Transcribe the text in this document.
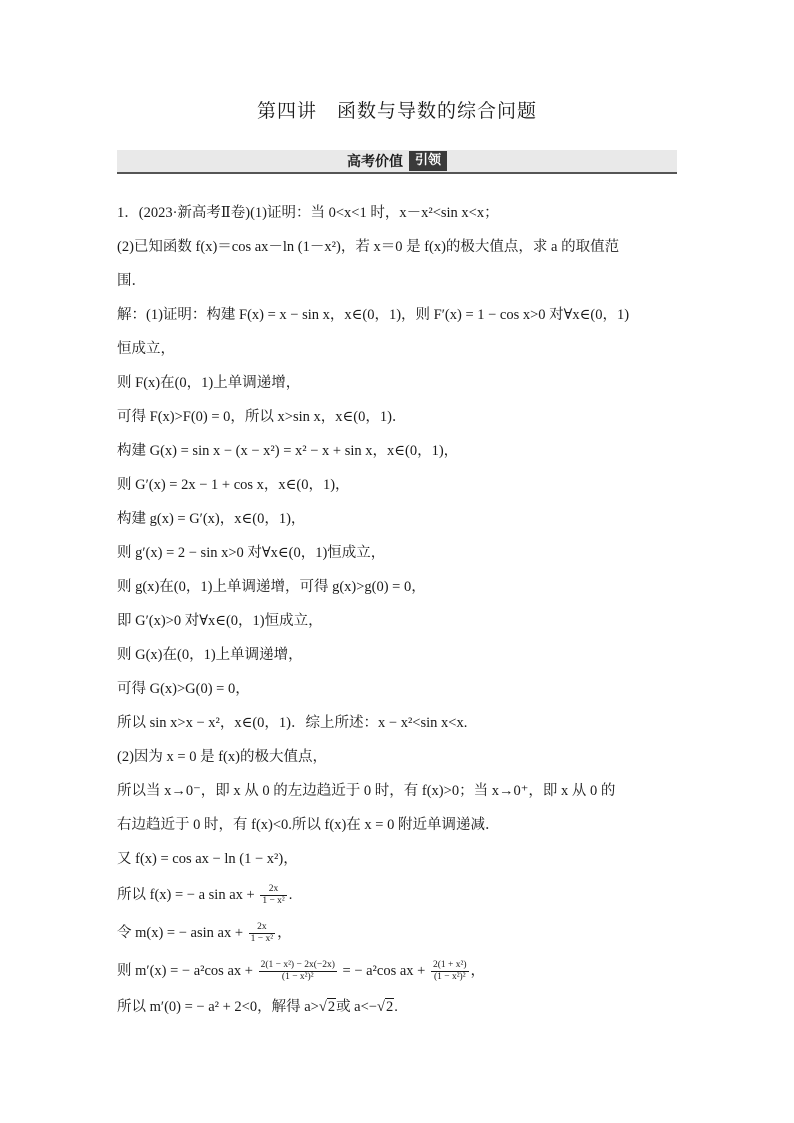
第四讲　函数与导数的综合问题
高考价值 引领
1．(2023·新高考Ⅱ卷)(1)证明：当 0<x<1 时，x－x²<sin x<x；
(2)已知函数 f(x)＝cos ax－ln (1－x²)，若 x＝0 是 f(x)的极大值点，求 a 的取值范
围．
解：(1)证明：构建 F(x) = x − sin x，x∈(0，1)，则 F′(x) = 1 − cos x>0 对∀x∈(0，1)
恒成立，
则 F(x)在(0，1)上单调递增，
可得 F(x)>F(0) = 0，所以 x>sin x，x∈(0，1)．
构建 G(x) = sin x − (x − x²) = x² − x + sin x，x∈(0，1)，
则 G′(x) = 2x − 1 + cos x，x∈(0，1)，
构建 g(x) = G′(x)，x∈(0，1)，
则 g′(x) = 2 − sin x>0 对∀x∈(0，1)恒成立，
则 g(x)在(0，1)上单调递增，可得 g(x)>g(0) = 0，
即 G′(x)>0 对∀x∈(0，1)恒成立，
则 G(x)在(0，1)上单调递增，
可得 G(x)>G(0) = 0，
所以 sin x>x − x²，x∈(0，1)．综上所述：x − x²<sin x<x.
(2)因为 x = 0 是 f(x)的极大值点，
所以当 x→0⁻，即 x 从 0 的左边趋近于 0 时，有 f(x)>0；当 x→0⁺，即 x 从 0 的
右边趋近于 0 时，有 f(x)<0.所以 f(x)在 x = 0 附近单调递减．
又 f(x) = cos ax − ln (1 − x²)，
所以 f(x) = − a sin ax + $\frac{2x}{\text{1 − x²}}$ .
令 m(x) = − asin ax + $\frac{2x}{\text{1 − x²}}$ ，
则 m′(x) = − a²cos ax + $\frac{\text{2(1 − x²) − 2x(−2x)}}{\text{(1 − x²)²}}$ = − a²cos ax + $\frac{\text{2(1 + x²)}}{\text{(1 − x²)²}}$ ，
所以 m′(0) = − a² + 2<0，解得 a>√2或 a<−√2.
